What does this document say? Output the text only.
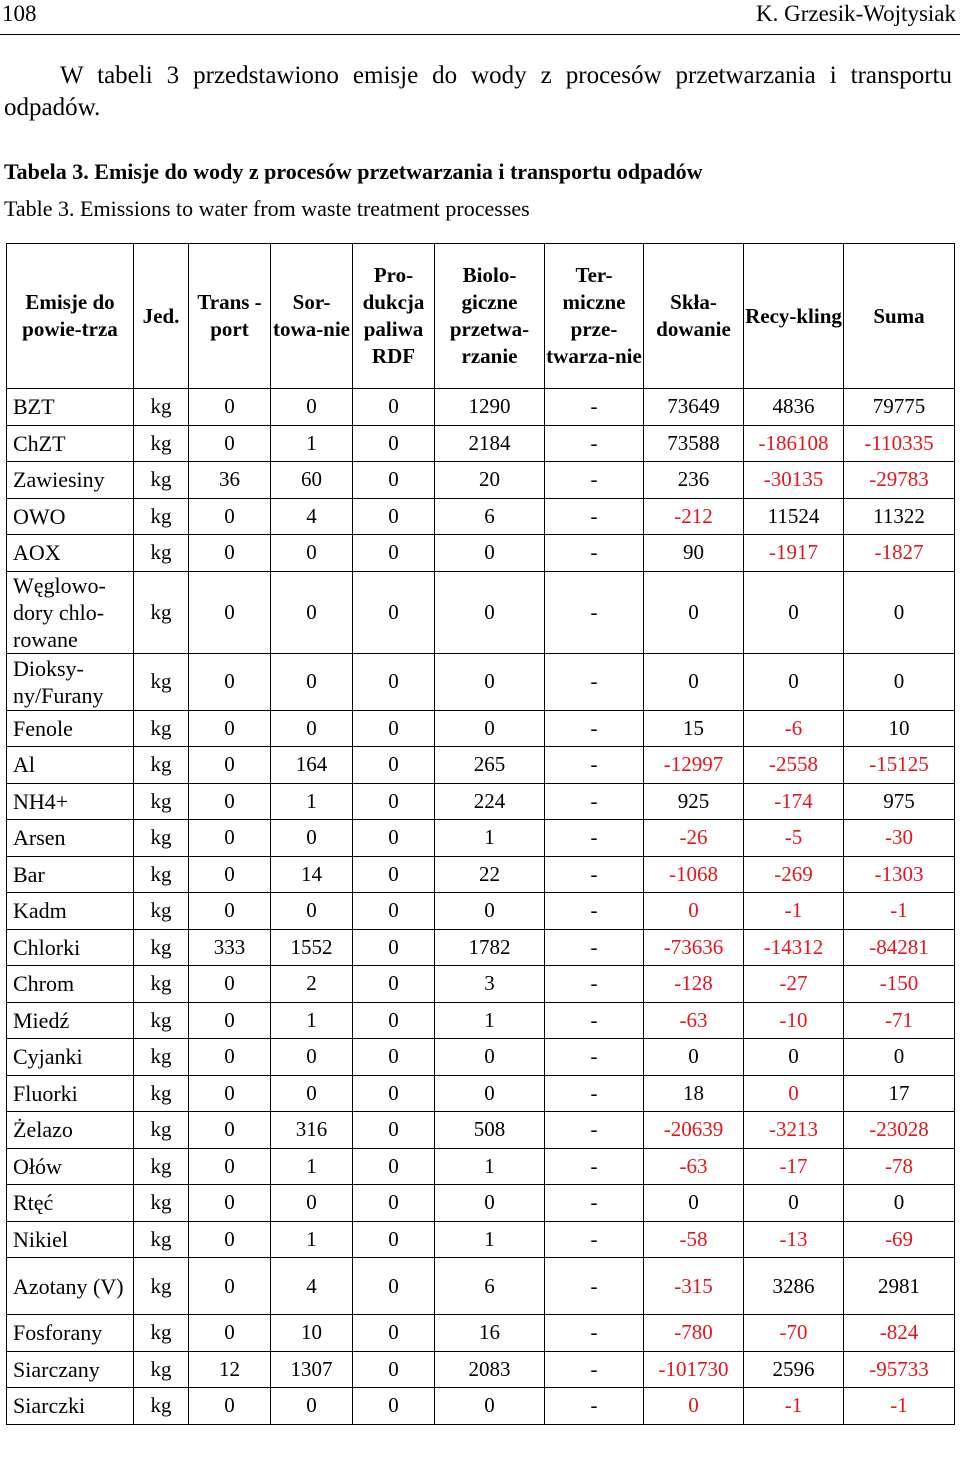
108	K. Grzesik-Wojtysiak

W tabeli 3 przedstawiono emisje do wody z procesów przetwarzania i transportu odpadów.

Tabela 3. Emisje do wody z procesów przetwarzania i transportu odpadów
Table 3. Emissions to water from waste treatment processes
Emisje do powie-trza	Jed.	Trans -port	Sor-towa-nie	Pro-dukcja paliwa RDF	Biolo-giczne przetwa-rzanie	Ter-miczne prze-twarza-nie	Skła-dowanie	Recy-kling	Suma
BZT	kg	0	0	0	1290	-	73649	4836	79775
ChZT	kg	0	1	0	2184	-	73588	-186108	-110335
Zawiesiny	kg	36	60	0	20	-	236	-30135	-29783
OWO	kg	0	4	0	6	-	-212	11524	11322
AOX	kg	0	0	0	0	-	90	-1917	-1827
Węglowo-dory chlo-rowane	kg	0	0	0	0	-	0	0	0
Dioksy-ny/Furany	kg	0	0	0	0	-	0	0	0
Fenole	kg	0	0	0	0	-	15	-6	10
Al	kg	0	164	0	265	-	-12997	-2558	-15125
NH4+	kg	0	1	0	224	-	925	-174	975
Arsen	kg	0	0	0	1	-	-26	-5	-30
Bar	kg	0	14	0	22	-	-1068	-269	-1303
Kadm	kg	0	0	0	0	-	0	-1	-1
Chlorki	kg	333	1552	0	1782	-	-73636	-14312	-84281
Chrom	kg	0	2	0	3	-	-128	-27	-150
Miedź	kg	0	1	0	1	-	-63	-10	-71
Cyjanki	kg	0	0	0	0	-	0	0	0
Fluorki	kg	0	0	0	0	-	18	0	17
Żelazo	kg	0	316	0	508	-	-20639	-3213	-23028
Ołów	kg	0	1	0	1	-	-63	-17	-78
Rtęć	kg	0	0	0	0	-	0	0	0
Nikiel	kg	0	1	0	1	-	-58	-13	-69
Azotany (V)	kg	0	4	0	6	-	-315	3286	2981
Fosforany	kg	0	10	0	16	-	-780	-70	-824
Siarczany	kg	12	1307	0	2083	-	-101730	2596	-95733
Siarczki	kg	0	0	0	0	-	0	-1	-1
